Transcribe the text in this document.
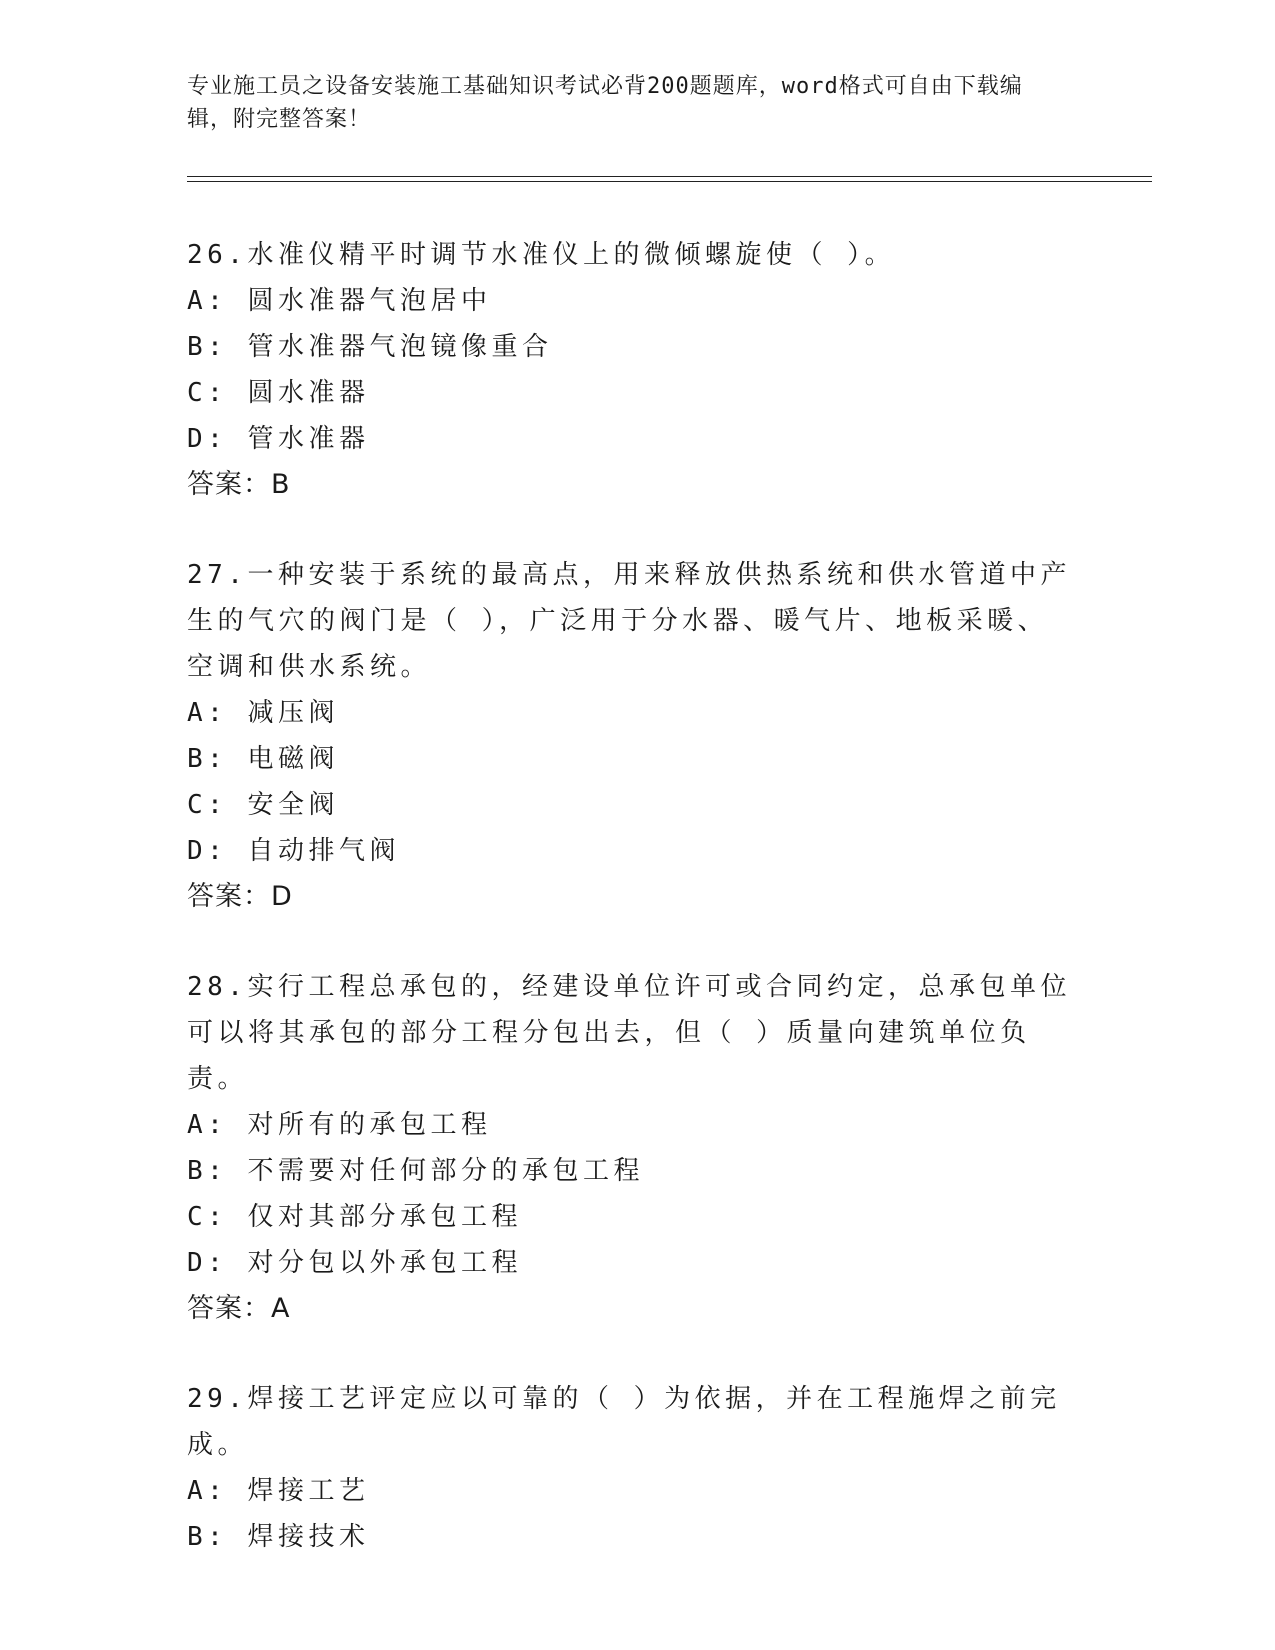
专业施工员之设备安装施工基础知识考试必背200题题库，word格式可自由下载编辑，附完整答案！

26.水准仪精平时调节水准仪上的微倾螺旋使（ ）。

A: 圆水准器气泡居中

B: 管水准器气泡镜像重合

C: 圆水准器

D: 管水准器

答案：B

27.一种安装于系统的最高点，用来释放供热系统和供水管道中产生的气穴的阀门是（ ），广泛用于分水器、暖气片、地板采暖、空调和供水系统。

A: 减压阀

B: 电磁阀

C: 安全阀

D: 自动排气阀

答案：D

28.实行工程总承包的，经建设单位许可或合同约定，总承包单位可以将其承包的部分工程分包出去，但（ ）质量向建筑单位负责。

A: 对所有的承包工程

B: 不需要对任何部分的承包工程

C: 仅对其部分承包工程

D: 对分包以外承包工程

答案：A

29.焊接工艺评定应以可靠的（ ）为依据，并在工程施焊之前完成。

A: 焊接工艺

B: 焊接技术
